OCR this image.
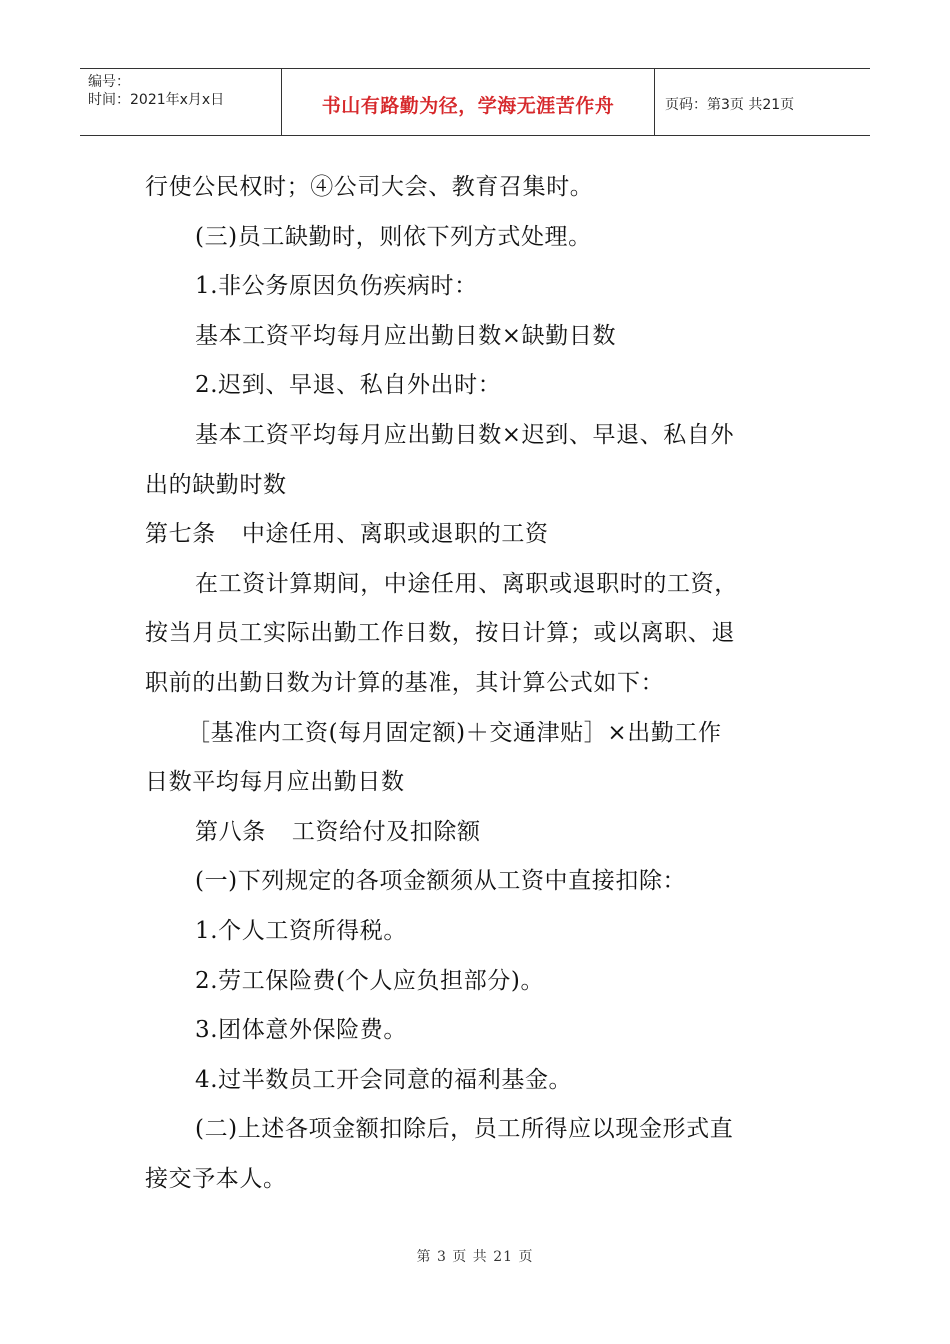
编号：
时间：2021年x月x日	书山有路勤为径，学海无涯苦作舟	页码：第3页 共21页
行使公民权时；④公司大会、教育召集时。
(三)员工缺勤时，则依下列方式处理。
1.非公务原因负伤疾病时：
基本工资平均每月应出勤日数×缺勤日数
2.迟到、早退、私自外出时：
基本工资平均每月应出勤日数×迟到、早退、私自外
出的缺勤时数
第七条 中途任用、离职或退职的工资
在工资计算期间，中途任用、离职或退职时的工资，
按当月员工实际出勤工作日数，按日计算；或以离职、退
职前的出勤日数为计算的基准，其计算公式如下：
［基准内工资(每月固定额)＋交通津贴］×出勤工作
日数平均每月应出勤日数
第八条 工资给付及扣除额
(一)下列规定的各项金额须从工资中直接扣除：
1.个人工资所得税。
2.劳工保险费(个人应负担部分)。
3.团体意外保险费。
4.过半数员工开会同意的福利基金。
(二)上述各项金额扣除后，员工所得应以现金形式直
接交予本人。
第 3 页 共 21 页
